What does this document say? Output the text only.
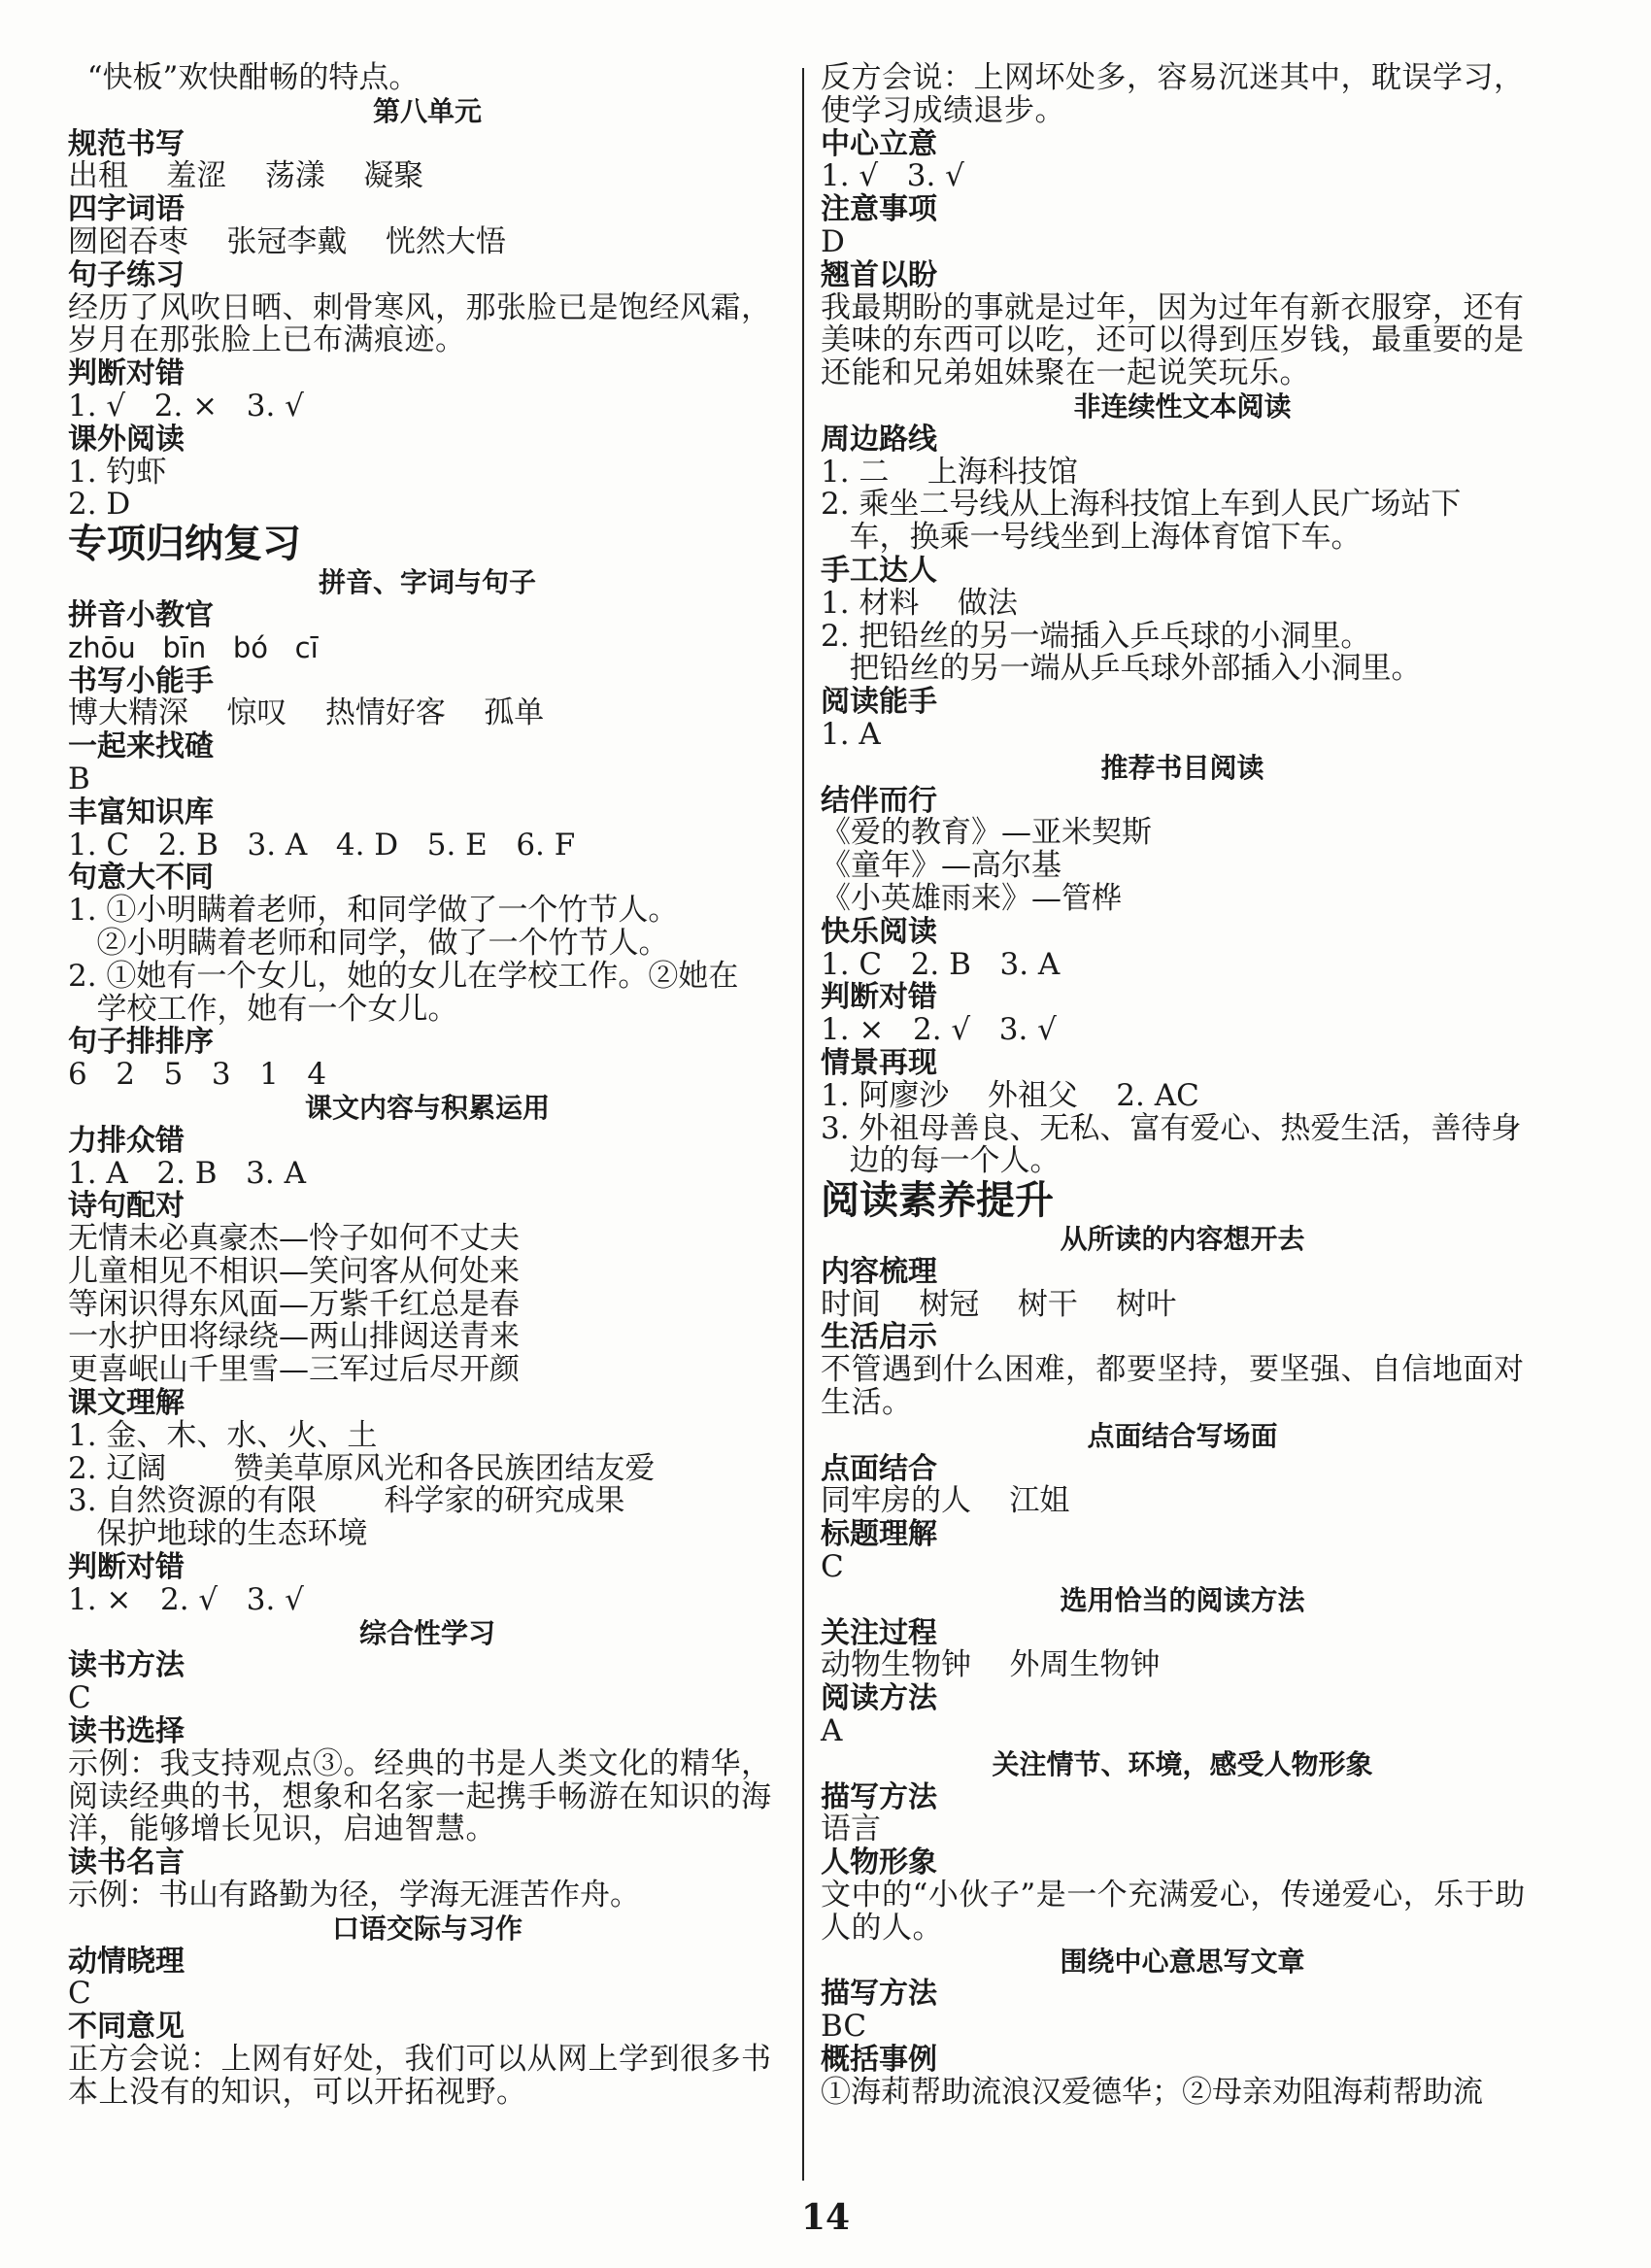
“快板”欢快酣畅的特点。
第八单元
规范书写
出租    羞涩    荡漾    凝聚
四字词语
囫囵吞枣    张冠李戴    恍然大悟
句子练习
经历了风吹日晒、刺骨寒风，那张脸已是饱经风霜，岁月在那张脸上已布满痕迹。
判断对错
1. √   2. ×   3. √
课外阅读
1. 钓虾
2. D
专项归纳复习
拼音、字词与句子
拼音小教官
zhōu   bīn   bó   cī
书写小能手
博大精深    惊叹    热情好客    孤单
一起来找碴
B
丰富知识库
1. C   2. B   3. A   4. D   5. E   6. F
句意大不同
1. ①小明瞒着老师，和同学做了一个竹节人。
②小明瞒着老师和同学，做了一个竹节人。
2. ①她有一个女儿，她的女儿在学校工作。②她在
学校工作，她有一个女儿。
句子排排序
6   2   5   3   1   4
课文内容与积累运用
力排众错
1. A   2. B   3. A
诗句配对
无情未必真豪杰—怜子如何不丈夫
儿童相见不相识—笑问客从何处来
等闲识得东风面—万紫千红总是春
一水护田将绿绕—两山排闼送青来
更喜岷山千里雪—三军过后尽开颜
课文理解
1. 金、木、水、火、土
2. 辽阔       赞美草原风光和各民族团结友爱
3. 自然资源的有限       科学家的研究成果
保护地球的生态环境
判断对错
1. ×   2. √   3. √
综合性学习
读书方法
C
读书选择
示例：我支持观点③。经典的书是人类文化的精华，阅读经典的书，想象和名家一起携手畅游在知识的海洋，能够增长见识，启迪智慧。
读书名言
示例：书山有路勤为径，学海无涯苦作舟。
口语交际与习作
动情晓理
C
不同意见
正方会说：上网有好处，我们可以从网上学到很多书本上没有的知识，可以开拓视野。
反方会说：上网坏处多，容易沉迷其中，耽误学习，使学习成绩退步。
中心立意
1. √   3. √
注意事项
D
翘首以盼
我最期盼的事就是过年，因为过年有新衣服穿，还有美味的东西可以吃，还可以得到压岁钱，最重要的是还能和兄弟姐妹聚在一起说笑玩乐。
非连续性文本阅读
周边路线
1. 二    上海科技馆
2. 乘坐二号线从上海科技馆上车到人民广场站下
车，换乘一号线坐到上海体育馆下车。
手工达人
1. 材料    做法
2. 把铅丝的另一端插入乒乓球的小洞里。
把铅丝的另一端从乒乓球外部插入小洞里。
阅读能手
1. A
推荐书目阅读
结伴而行
《爱的教育》—亚米契斯
《童年》—高尔基
《小英雄雨来》—管桦
快乐阅读
1. C   2. B   3. A
判断对错
1. ×   2. √   3. √
情景再现
1. 阿廖沙    外祖父    2. AC
3. 外祖母善良、无私、富有爱心、热爱生活，善待身
边的每一个人。
阅读素养提升
从所读的内容想开去
内容梳理
时间    树冠    树干    树叶
生活启示
不管遇到什么困难，都要坚持，要坚强、自信地面对生活。
点面结合写场面
点面结合
同牢房的人    江姐
标题理解
C
选用恰当的阅读方法
关注过程
动物生物钟    外周生物钟
阅读方法
A
关注情节、环境，感受人物形象
描写方法
语言
人物形象
文中的“小伙子”是一个充满爱心，传递爱心，乐于助人的人。
围绕中心意思写文章
描写方法
BC
概括事例
①海莉帮助流浪汉爱德华；②母亲劝阻海莉帮助流
14
